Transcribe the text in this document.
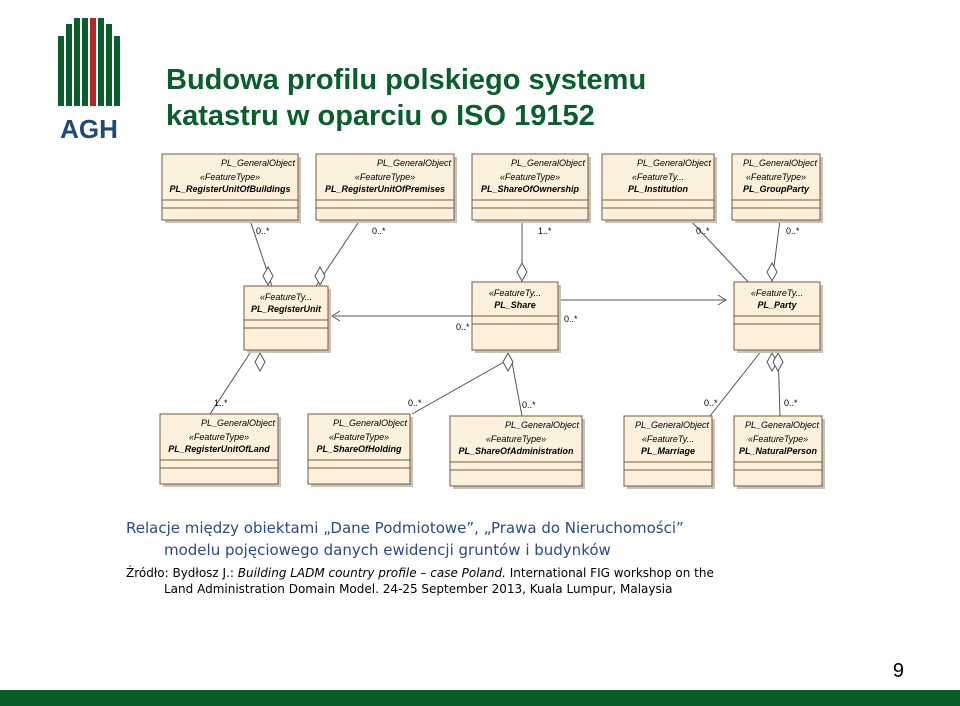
AGH
Budowa profilu polskiego systemu
katastru w oparciu o ISO 19152
0..*	0..*	1..*	0..*	0..*
0..*
0..*
1..*	0..*	0..*	0..*	0..*
PL_GeneralObject
«FeatureType»
PL_RegisterUnitOfBuildings
PL_GeneralObject
«FeatureType»
PL_RegisterUnitOfPremises
PL_GeneralObject
«FeatureType»
PL_ShareOfOwnership
PL_GeneralObject
«FeatureTy...
PL_Institution
PL_GeneralObject
«FeatureType»
PL_GroupParty
«FeatureTy...
PL_RegisterUnit
«FeatureTy...
PL_Share
«FeatureTy...
PL_Party
PL_GeneralObject
«FeatureType»
PL_RegisterUnitOfLand
PL_GeneralObject
«FeatureType»
PL_ShareOfHolding
PL_GeneralObject
«FeatureType»
PL_ShareOfAdministration
PL_GeneralObject
«FeatureTy...
PL_Marriage
PL_GeneralObject
«FeatureType»
PL_NaturalPerson
Relacje między obiektami „Dane Podmiotowe”, „Prawa do Nieruchomości”
modelu pojęciowego danych ewidencji gruntów i budynków
Źródło: Bydłosz J.: Building LADM country profile – case Poland. International FIG workshop on the
Land Administration Domain Model. 24-25 September 2013, Kuala Lumpur, Malaysia
9
